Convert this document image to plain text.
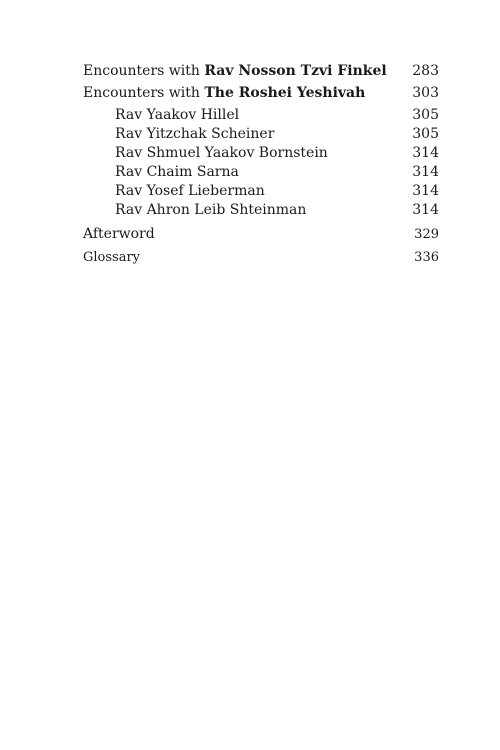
Encounters with Rav Nosson Tzvi Finkel 283
Encounters with The Roshei Yeshivah	303
Rav Yaakov Hillel	305
Rav Yitzchak Scheiner	305
Rav Shmuel Yaakov Bornstein	314
Rav Chaim Sarna	314
Rav Yosef Lieberman	314
Rav Ahron Leib Shteinman	314
Afterword	329
Glossary	336
